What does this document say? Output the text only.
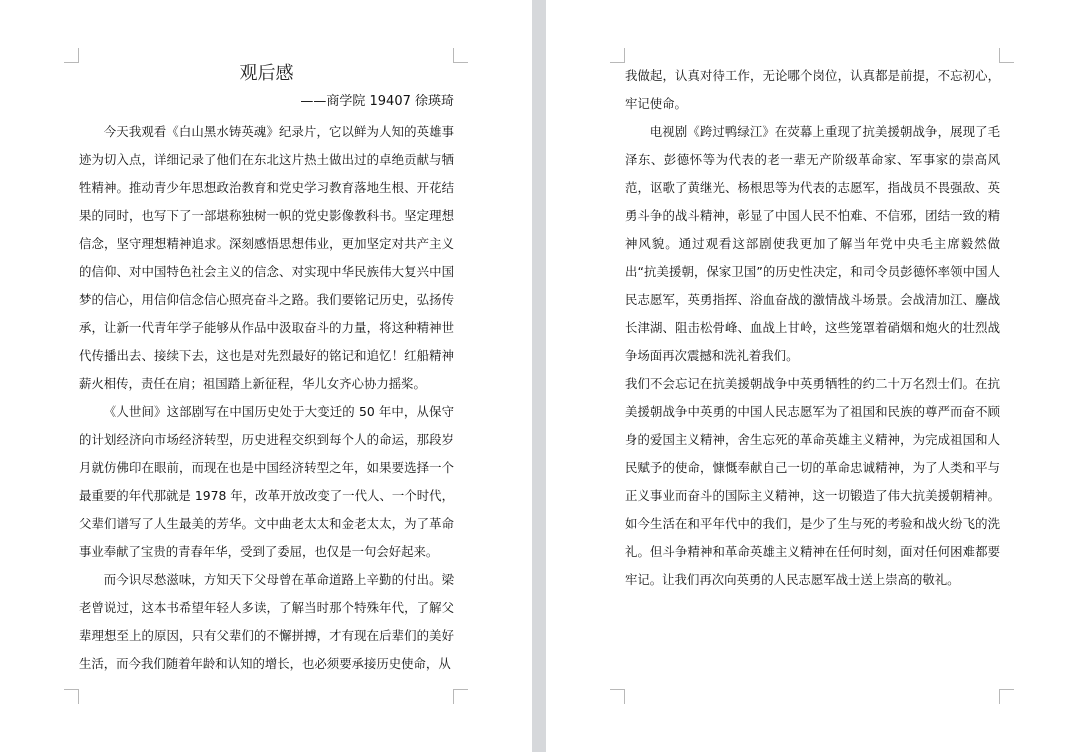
观后感
——商学院 19407 徐瑛琦

今天我观看《白山黑水铸英魂》纪录片，它以鲜为人知的英雄事迹为切入点，详细记录了他们在东北这片热土做出过的卓绝贡献与牺牲精神。推动青少年思想政治教育和党史学习教育落地生根、开花结果的同时，也写下了一部堪称独树一帜的党史影像教科书。坚定理想信念，坚守理想精神追求。深刻感悟思想伟业，更加坚定对共产主义的信仰、对中国特色社会主义的信念、对实现中华民族伟大复兴中国梦的信心，用信仰信念信心照亮奋斗之路。我们要铭记历史，弘扬传承，让新一代青年学子能够从作品中汲取奋斗的力量，将这种精神世代传播出去、接续下去，这也是对先烈最好的铭记和追忆！红船精神薪火相传，责任在肩；祖国踏上新征程，华儿女齐心协力摇桨。

《人世间》这部剧写在中国历史处于大变迁的 50 年中，从保守的计划经济向市场经济转型，历史进程交织到每个人的命运，那段岁月就仿佛印在眼前，而现在也是中国经济转型之年，如果要选择一个最重要的年代那就是 1978 年，改革开放改变了一代人、一个时代，父辈们谱写了人生最美的芳华。文中曲老太太和金老太太，为了革命事业奉献了宝贵的青春年华，受到了委屈，也仅是一句会好起来。

而今识尽愁滋味，方知天下父母曾在革命道路上辛勤的付出。梁老曾说过，这本书希望年轻人多读，了解当时那个特殊年代，了解父辈理想至上的原因，只有父辈们的不懈拼搏，才有现在后辈们的美好生活，而今我们随着年龄和认知的增长，也必须要承接历史使命，从

我做起，认真对待工作，无论哪个岗位，认真都是前提，不忘初心，牢记使命。

电视剧《跨过鸭绿江》在荧幕上重现了抗美援朝战争，展现了毛泽东、彭德怀等为代表的老一辈无产阶级革命家、军事家的崇高风范，讴歌了黄继光、杨根思等为代表的志愿军，指战员不畏强敌、英勇斗争的战斗精神，彰显了中国人民不怕难、不信邪，团结一致的精神风貌。通过观看这部剧使我更加了解当年党中央毛主席毅然做出“抗美援朝，保家卫国”的历史性决定，和司令员彭德怀率领中国人民志愿军，英勇指挥、浴血奋战的激情战斗场景。会战清加江、鏖战长津湖、阻击松骨峰、血战上甘岭，这些笼罩着硝烟和炮火的壮烈战争场面再次震撼和洗礼着我们。

我们不会忘记在抗美援朝战争中英勇牺牲的约二十万名烈士们。在抗美援朝战争中英勇的中国人民志愿军为了祖国和民族的尊严而奋不顾身的爱国主义精神，舍生忘死的革命英雄主义精神，为完成祖国和人民赋予的使命，慷慨奉献自己一切的革命忠诚精神，为了人类和平与正义事业而奋斗的国际主义精神，这一切锻造了伟大抗美援朝精神。如今生活在和平年代中的我们，是少了生与死的考验和战火纷飞的洗礼。但斗争精神和革命英雄主义精神在任何时刻，面对任何困难都要牢记。让我们再次向英勇的人民志愿军战士送上崇高的敬礼。
